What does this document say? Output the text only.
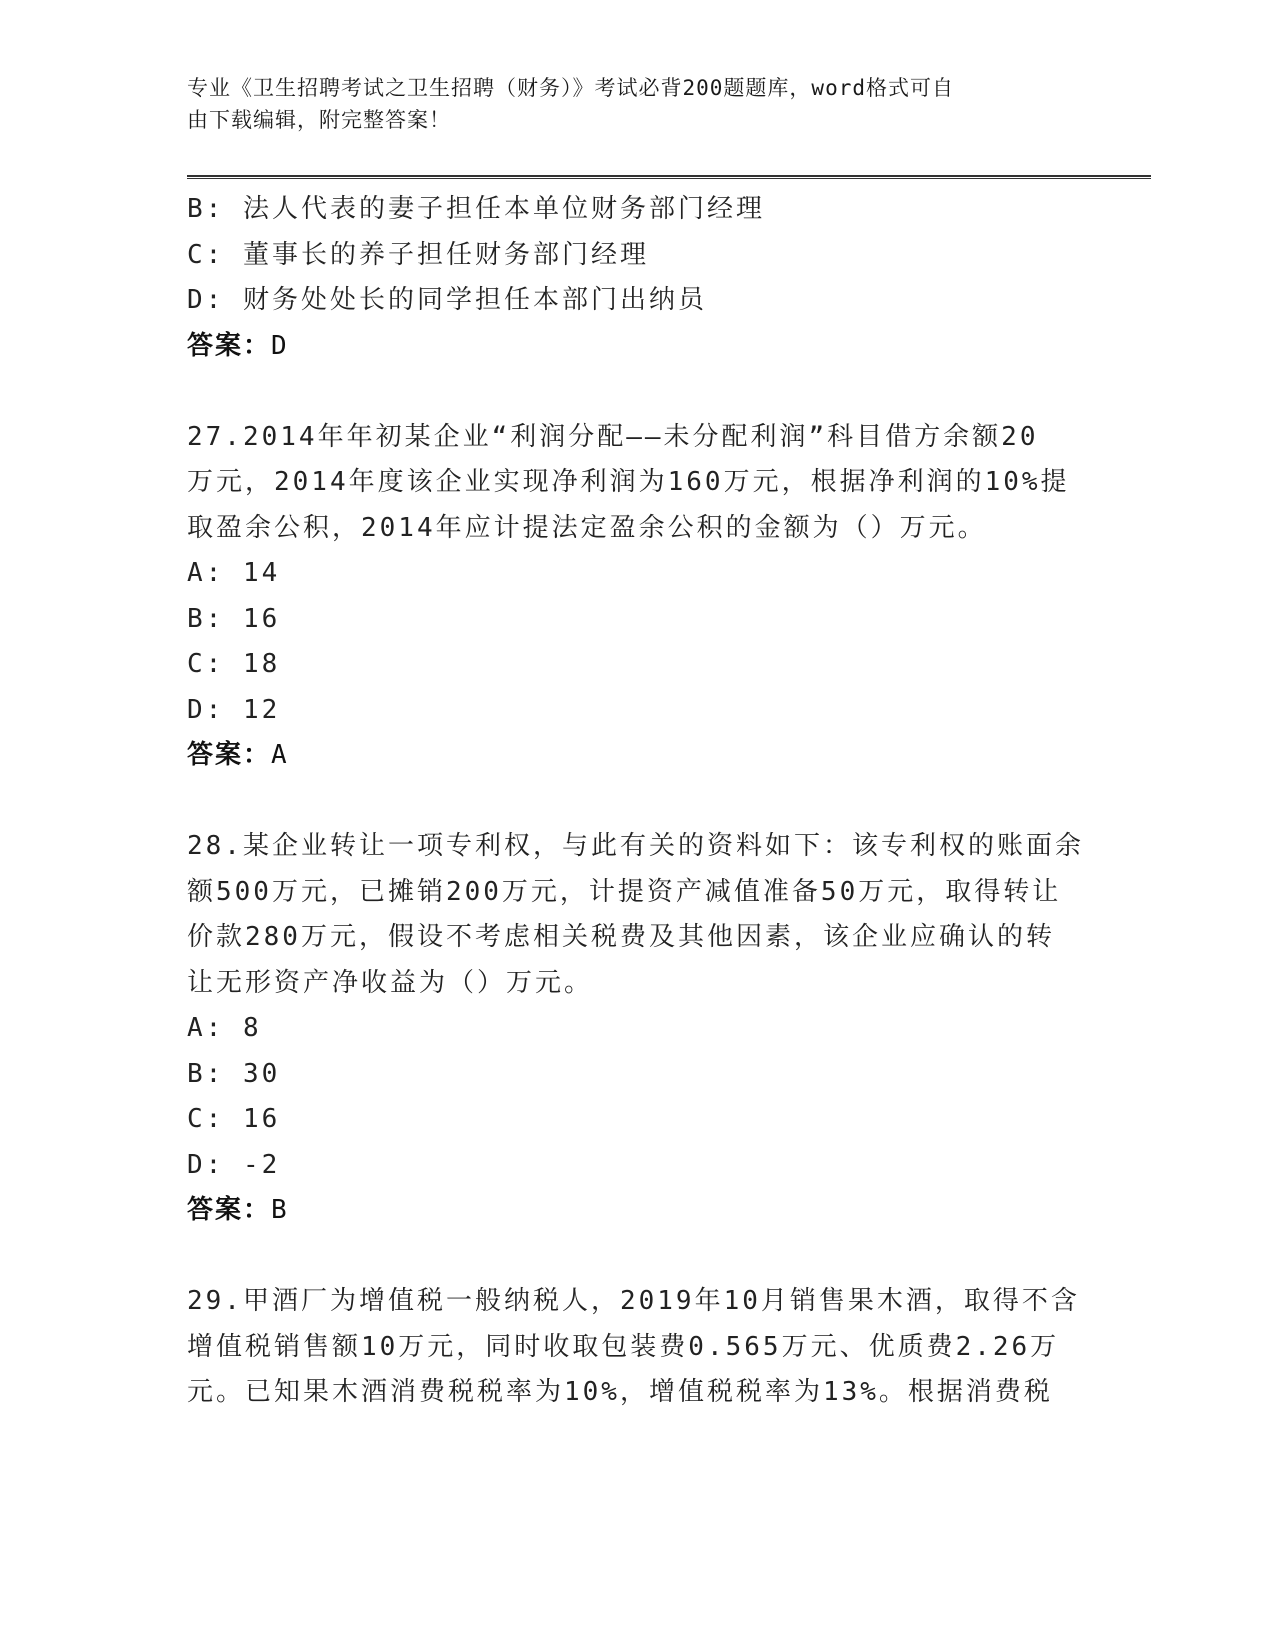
专业《卫生招聘考试之卫生招聘（财务）》考试必背200题题库，word格式可自
由下载编辑，附完整答案！
B: 法人代表的妻子担任本单位财务部门经理
C: 董事长的养子担任财务部门经理
D: 财务处处长的同学担任本部门出纳员
答案：D
27.2014年年初某企业“利润分配——未分配利润”科目借方余额20
万元，2014年度该企业实现净利润为160万元，根据净利润的10%提
取盈余公积，2014年应计提法定盈余公积的金额为（）万元。
A: 14
B: 16
C: 18
D: 12
答案：A
28.某企业转让一项专利权，与此有关的资料如下：该专利权的账面余
额500万元，已摊销200万元，计提资产减值准备50万元，取得转让
价款280万元，假设不考虑相关税费及其他因素，该企业应确认的转
让无形资产净收益为（）万元。
A: 8
B: 30
C: 16
D: -2
答案：B
29.甲酒厂为增值税一般纳税人，2019年10月销售果木酒，取得不含
增值税销售额10万元，同时收取包装费0.565万元、优质费2.26万
元。已知果木酒消费税税率为10%，增值税税率为13%。根据消费税
